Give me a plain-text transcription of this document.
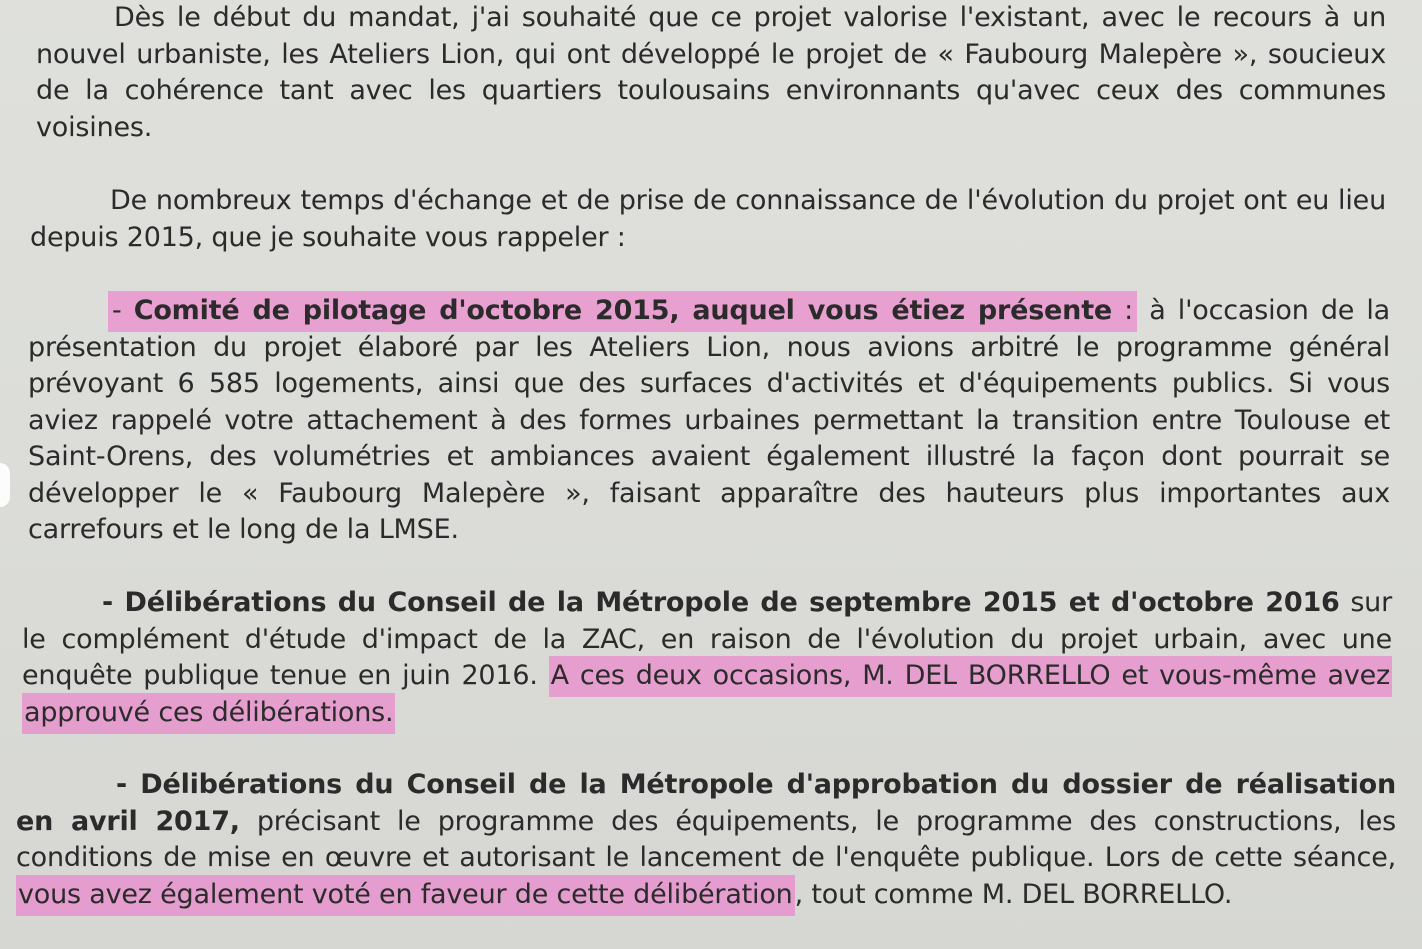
Dès le début du mandat, j'ai souhaité que ce projet valorise l'existant, avec le recours à un nouvel urbaniste, les Ateliers Lion, qui ont développé le projet de « Faubourg Malepère », soucieux de la cohérence tant avec les quartiers toulousains environnants qu'avec ceux des communes voisines.
De nombreux temps d'échange et de prise de connaissance de l'évolution du projet ont eu lieu depuis 2015, que je souhaite vous rappeler :
- Comité de pilotage d'octobre 2015, auquel vous étiez présente : à l'occasion de la présentation du projet élaboré par les Ateliers Lion, nous avions arbitré le programme général prévoyant 6 585 logements, ainsi que des surfaces d'activités et d'équipements publics. Si vous aviez rappelé votre attachement à des formes urbaines permettant la transition entre Toulouse et Saint-Orens, des volumétries et ambiances avaient également illustré la façon dont pourrait se développer le « Faubourg Malepère », faisant apparaître des hauteurs plus importantes aux carrefours et le long de la LMSE.
- Délibérations du Conseil de la Métropole de septembre 2015 et d'octobre 2016 sur le complément d'étude d'impact de la ZAC, en raison de l'évolution du projet urbain, avec une enquête publique tenue en juin 2016. A ces deux occasions, M. DEL BORRELLO et vous-même avez approuvé ces délibérations.
- Délibérations du Conseil de la Métropole d'approbation du dossier de réalisation en avril 2017, précisant le programme des équipements, le programme des constructions, les conditions de mise en œuvre et autorisant le lancement de l'enquête publique. Lors de cette séance, vous avez également voté en faveur de cette délibération, tout comme M. DEL BORRELLO.
